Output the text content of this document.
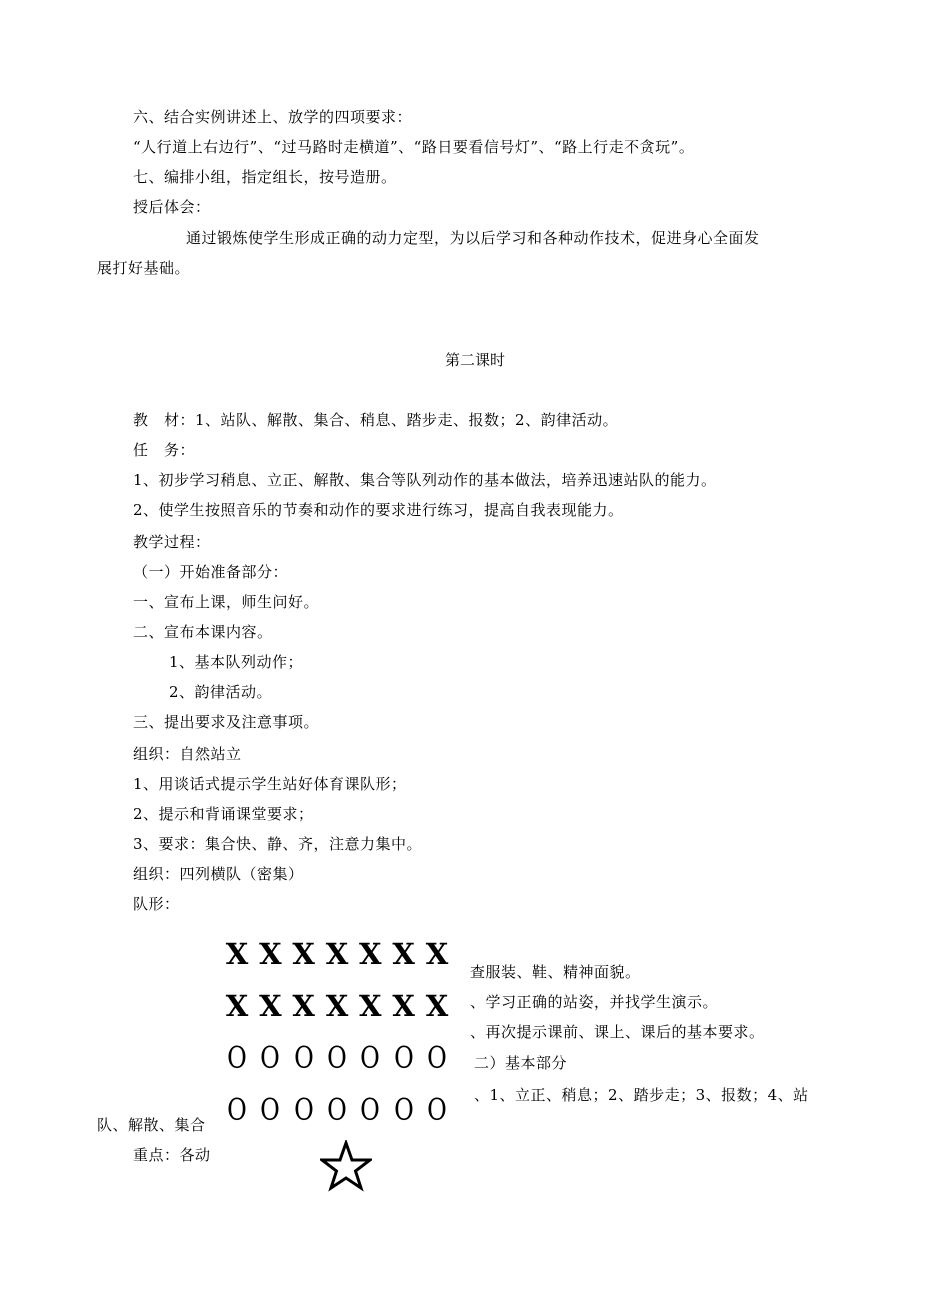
六、结合实例讲述上、放学的四项要求：
“人行道上右边行”、“过马路时走横道”、“路日要看信号灯”、“路上行走不贪玩”。
七、编排小组，指定组长，按号造册。
授后体会：
通过锻炼使学生形成正确的动力定型，为以后学习和各种动作技术，促进身心全面发
展打好基础。
第二课时
教　材：1、站队、解散、集合、稍息、踏步走、报数；2、韵律活动。
任　务：
1、初步学习稍息、立正、解散、集合等队列动作的基本做法，培养迅速站队的能力。
2、使学生按照音乐的节奏和动作的要求进行练习，提高自我表现能力。
教学过程：
（一）开始准备部分：
一、宣布上课，师生问好。
二、宣布本课内容。
1、基本队列动作；
2、韵律活动。
三、提出要求及注意事项。
组织：自然站立
1、用谈话式提示学生站好体育课队形；
2、提示和背诵课堂要求；
3、要求：集合快、静、齐，注意力集中。
组织：四列横队（密集）
队形：
X X X X X X X
X X X X X X X
O O O O O O O
O O O O O O O
查服装、鞋、精神面貌。
、学习正确的站姿，并找学生演示。
、再次提示课前、课上、课后的基本要求。
二）基本部分
、1、立正、稍息；2、踏步走；3、报数；4、站
队、解散、集合
重点：各动
